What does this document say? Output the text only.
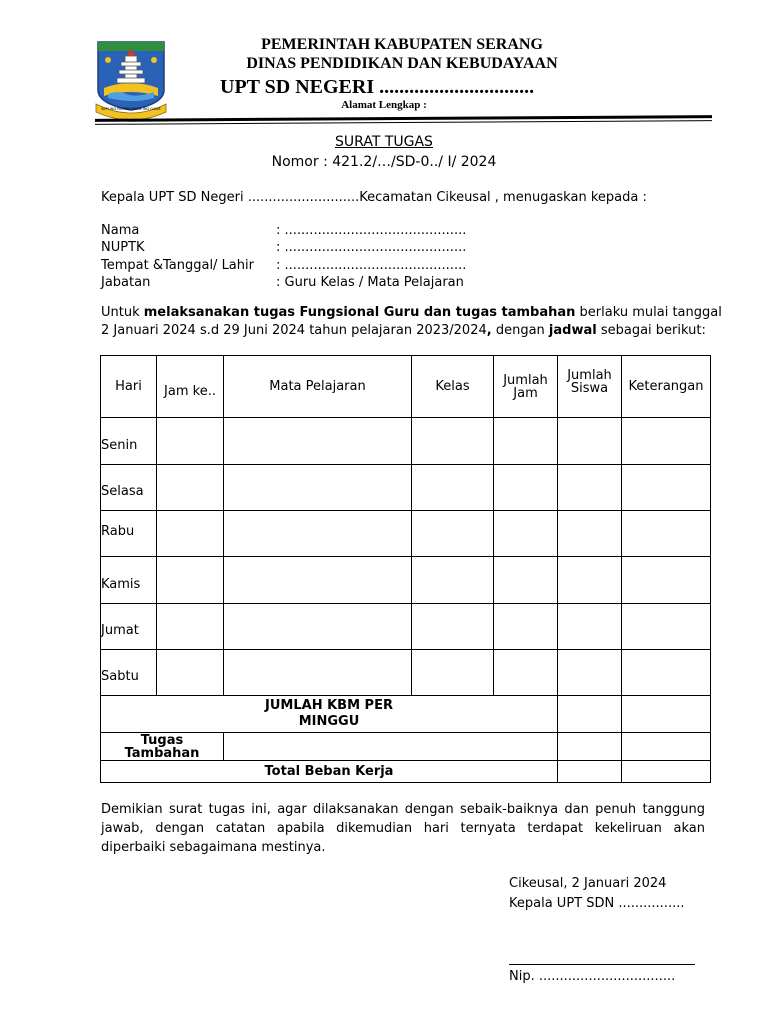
SEPI ING PAMRIH RAME ING GAWE
PEMERINTAH KABUPATEN SERANG
DINAS PENDIDIKAN DAN KEBUDAYAAN
UPT SD NEGERI ...............................
Alamat Lengkap :
SURAT TUGAS
Nomor : 421.2/…/SD-0../ I/ 2024
Kepala UPT SD Negeri ...........................Kecamatan Cikeusal , menugaskan kepada :
Nama	: ............................................
NUPTK	: ............................................
Tempat &Tanggal/ Lahir : ............................................
Jabatan	: Guru Kelas / Mata Pelajaran
Untuk melaksanakan tugas Fungsional Guru dan tugas tambahan berlaku mulai tanggal
2 Januari 2024 s.d 29 Juni 2024 tahun pelajaran 2023/2024, dengan jadwal sebagai berikut:
Hari	Jam ke..	Mata Pelajaran	Kelas	Jumlah Jam	Jumlah Siswa	Keterangan
Senin						
Selasa						
Rabu						
Kamis						
Jumat						
Sabtu						
JUMLAH KBM PER MINGGU						
Tugas Tambahan						
Total Beban Kerja						
Demikian surat tugas ini, agar dilaksanakan dengan sebaik-baiknya dan penuh tanggung jawab, dengan catatan apabila dikemudian hari ternyata terdapat kekeliruan akan diperbaiki sebagaimana mestinya.
Cikeusal, 2 Januari 2024
Kepala UPT SDN ................
Nip. .................................
